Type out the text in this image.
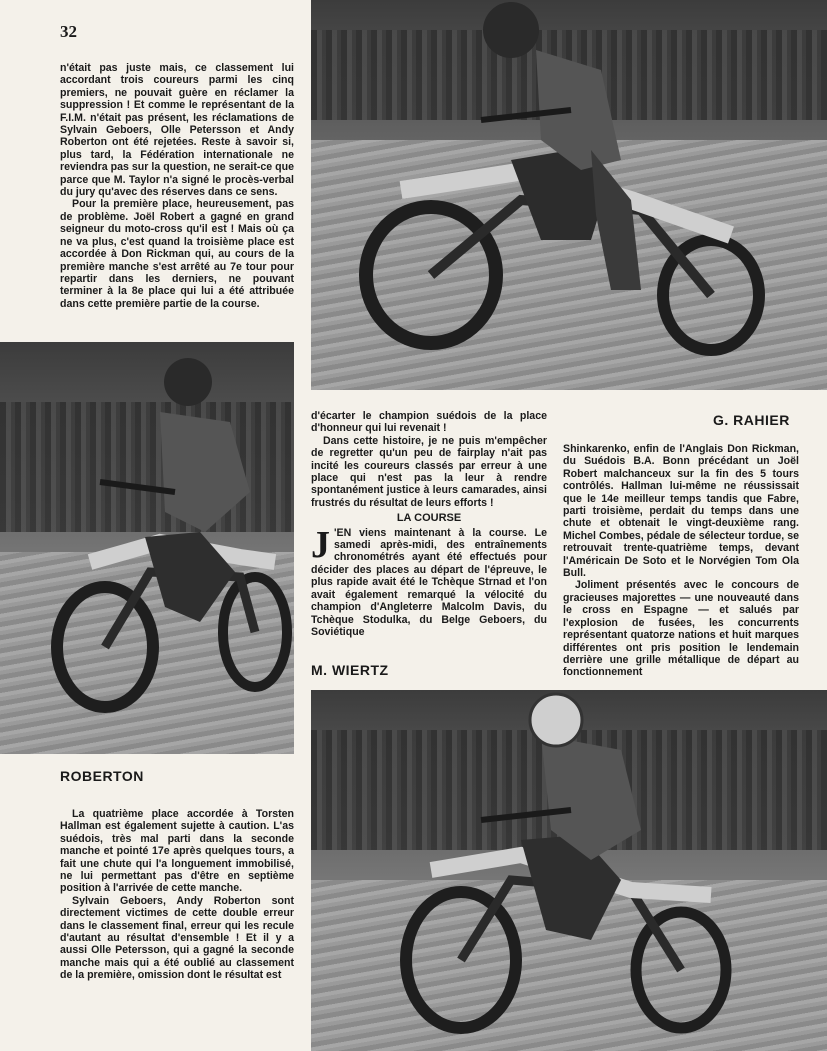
32

n'était pas juste mais, ce classement lui accordant trois coureurs parmi les cinq premiers, ne pouvait guère en réclamer la suppression ! Et comme le représentant de la F.I.M. n'était pas présent, les réclamations de Sylvain Geboers, Olle Petersson et Andy Roberton ont été rejetées. Reste à savoir si, plus tard, la Fédération internationale ne reviendra pas sur la question, ne serait-ce que parce que M. Taylor n'a signé le procès-verbal du jury qu'avec des réserves dans ce sens.

Pour la première place, heureusement, pas de problème. Joël Robert a gagné en grand seigneur du moto-cross qu'il est ! Mais où ça ne va plus, c'est quand la troisième place est accordée à Don Rickman qui, au cours de la première manche s'est arrêté au 7e tour pour repartir dans les derniers, ne pouvant terminer à la 8e place qui lui a été attribuée dans cette première partie de la course.

G. RAHIER
ROBERTON

La quatrième place accordée à Torsten Hallman est également sujette à caution. L'as suédois, très mal parti dans la seconde manche et pointé 17e après quelques tours, a fait une chute qui l'a longuement immobilisé, ne lui permettant pas d'être en septième position à l'arrivée de cette manche.

Sylvain Geboers, Andy Roberton sont directement victimes de cette double erreur dans le classement final, erreur qui les recule d'autant au résultat d'ensemble ! Et il y a aussi Olle Petersson, qui a gagné la seconde manche mais qui a été oublié au classement de la première, omission dont le résultat est

d'écarter le champion suédois de la place d'honneur qui lui revenait !

Dans cette histoire, je ne puis m'empêcher de regretter qu'un peu de fairplay n'ait pas incité les coureurs classés par erreur à une place qui n'est pas la leur à rendre spontanément justice à leurs camarades, ainsi frustrés du résultat de leurs efforts !

LA COURSE

J 'EN viens maintenant à la course. Le samedi après-midi, des entraînements chronométrés ayant été effectués pour décider des places au départ de l'épreuve, le plus rapide avait été le Tchèque Strnad et l'on avait également remarqué la vélocité du champion d'Angleterre Malcolm Davis, du Tchèque Stodulka, du Belge Geboers, du Soviétique

Shinkarenko, enfin de l'Anglais Don Rickman, du Suédois B.A. Bonn précédant un Joël Robert malchanceux sur la fin des 5 tours contrôlés. Hallman lui-même ne réussissait que le 14e meilleur temps tandis que Fabre, parti troisième, perdait du temps dans une chute et obtenait le vingt-deuxième rang. Michel Combes, pédale de sélecteur tordue, se retrouvait trente-quatrième temps, devant l'Américain De Soto et le Norvégien Tom Ola Bull.

Joliment présentés avec le concours de gracieuses majorettes — une nouveauté dans le cross en Espagne — et salués par l'explosion de fusées, les concurrents représentant quatorze nations et huit marques différentes ont pris position le lendemain derrière une grille métallique de départ au fonctionnement

M. WIERTZ
